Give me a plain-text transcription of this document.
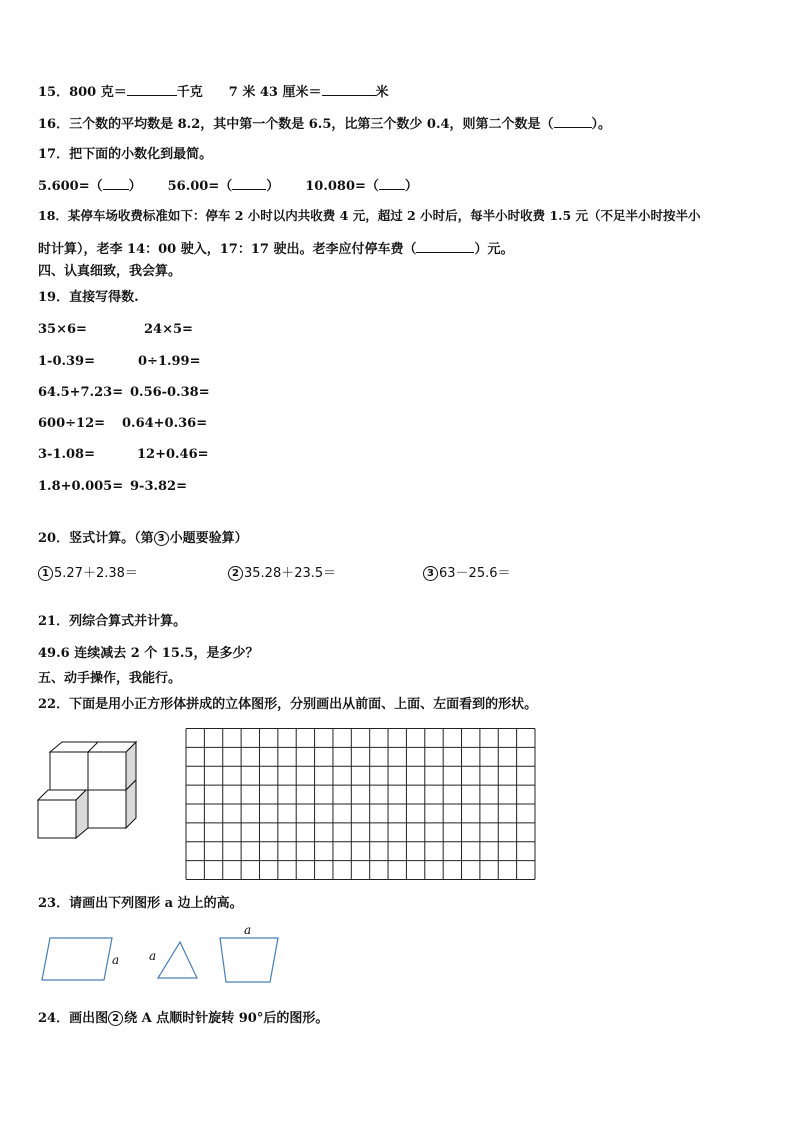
15．800 克＝	千克 7 米 43 厘米＝	米
16．三个数的平均数是 8.2，其中第一个数是 6.5，比第三个数少 0.4，则第二个数是（	）。
17．把下面的小数化到最简。
5.600=（ ） 56.00=（	） 10.080=（ ）
18．某停车场收费标准如下：停车 2 小时以内共收费 4 元，超过 2 小时后，每半小时收费 1.5 元（不足半小时按半小
时计算），老李 14：00 驶入，17：17 驶出。老李应付停车费（	）元。
四、认真细致，我会算。
19．直接写得数.
35×6=	24×5=
1-0.39=	0÷1.99=
64.5+7.23= 0.56-0.38=
600÷12= 0.64+0.36=
3-1.08=	12+0.46=
1.8+0.005= 9-3.82=
20．竖式计算。（第 3 小题要验算）
1 5.27＋2.38＝	2 35.28＋23.5＝	3 63－25.6＝
21．列综合算式并计算。
49.6 连续减去 2 个 15.5，是多少？
五、动手操作，我能行。
22．下面是用小正方形体拼成的立体图形，分别画出从前面、上面、左面看到的形状。
23．请画出下列图形 a 边上的高。
a a
a
24．画出图 2 绕 A 点顺时针旋转 90°后的图形。
